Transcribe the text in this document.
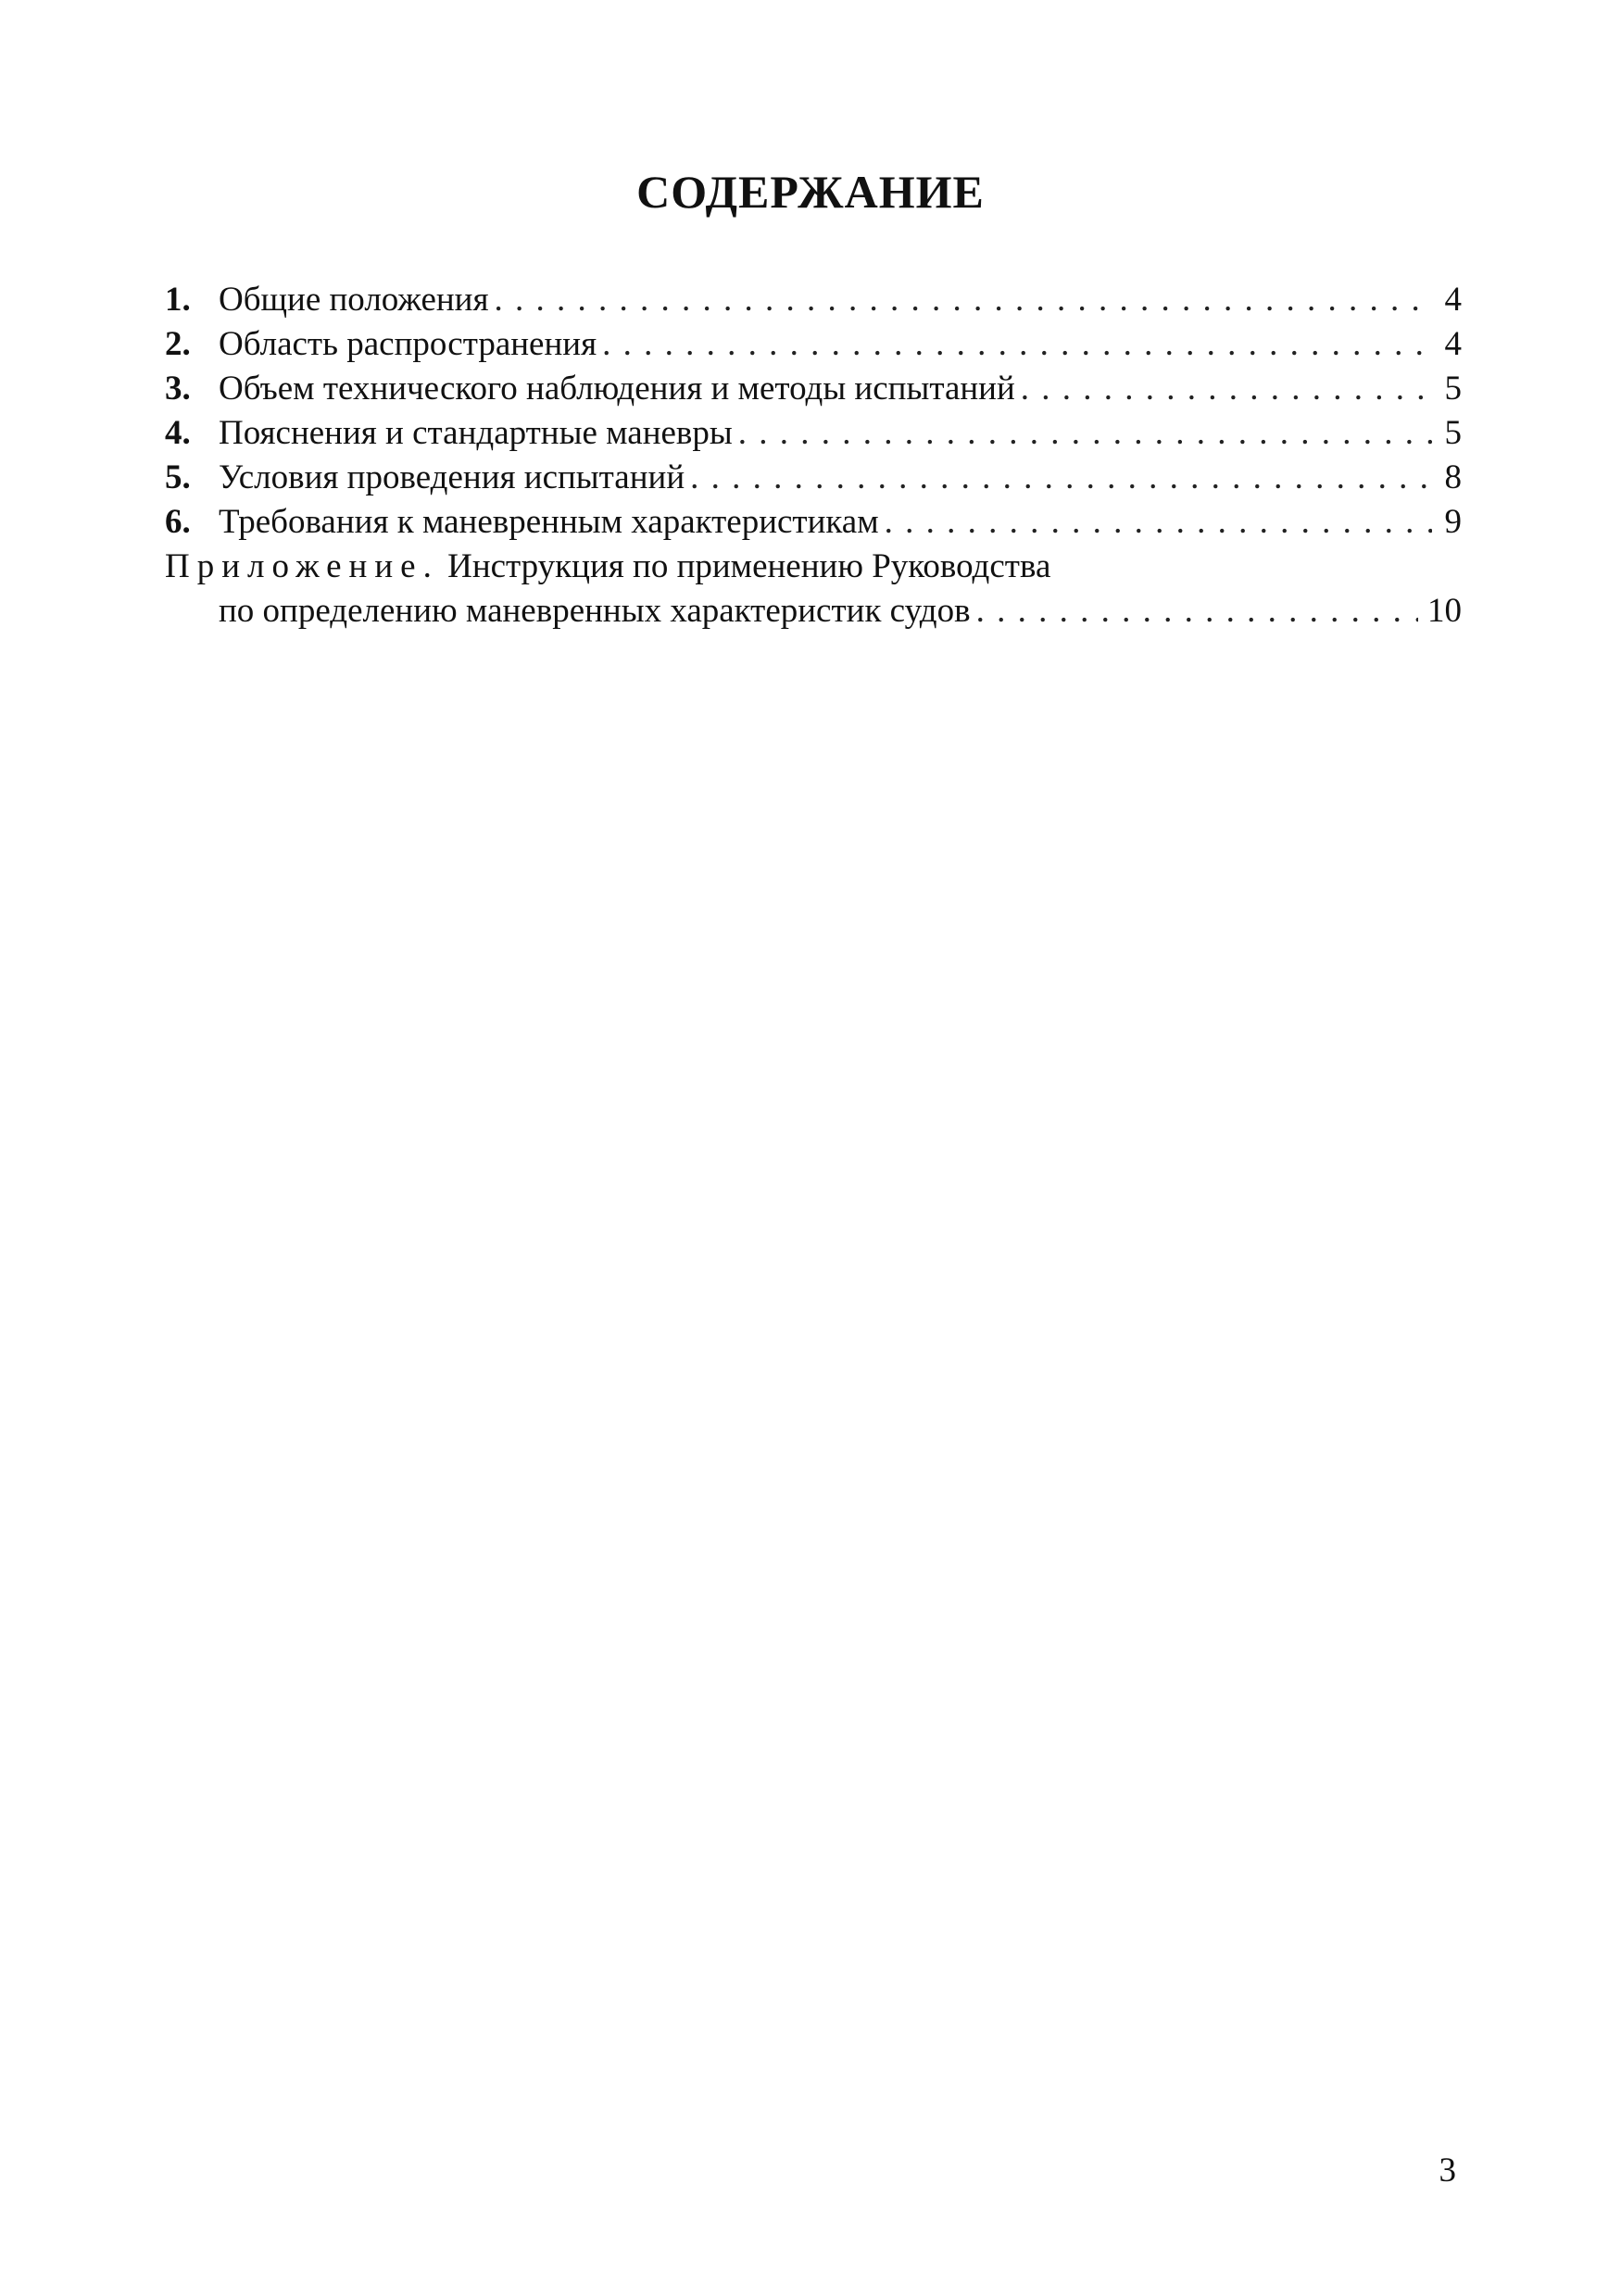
СОДЕРЖАНИЕ
1. Общие положения . . .	4
2. Область распространения . . .	4
3. Объем технического наблюдения и методы испытаний . . .	5
4. Пояснения и стандартные маневры . . .	5
5. Условия проведения испытаний . . .	8
6. Требования к маневренным характеристикам . . .	9
Приложение.
Инструкция по применению Руководства
по определению маневренных характеристик судов . . .	10
3
